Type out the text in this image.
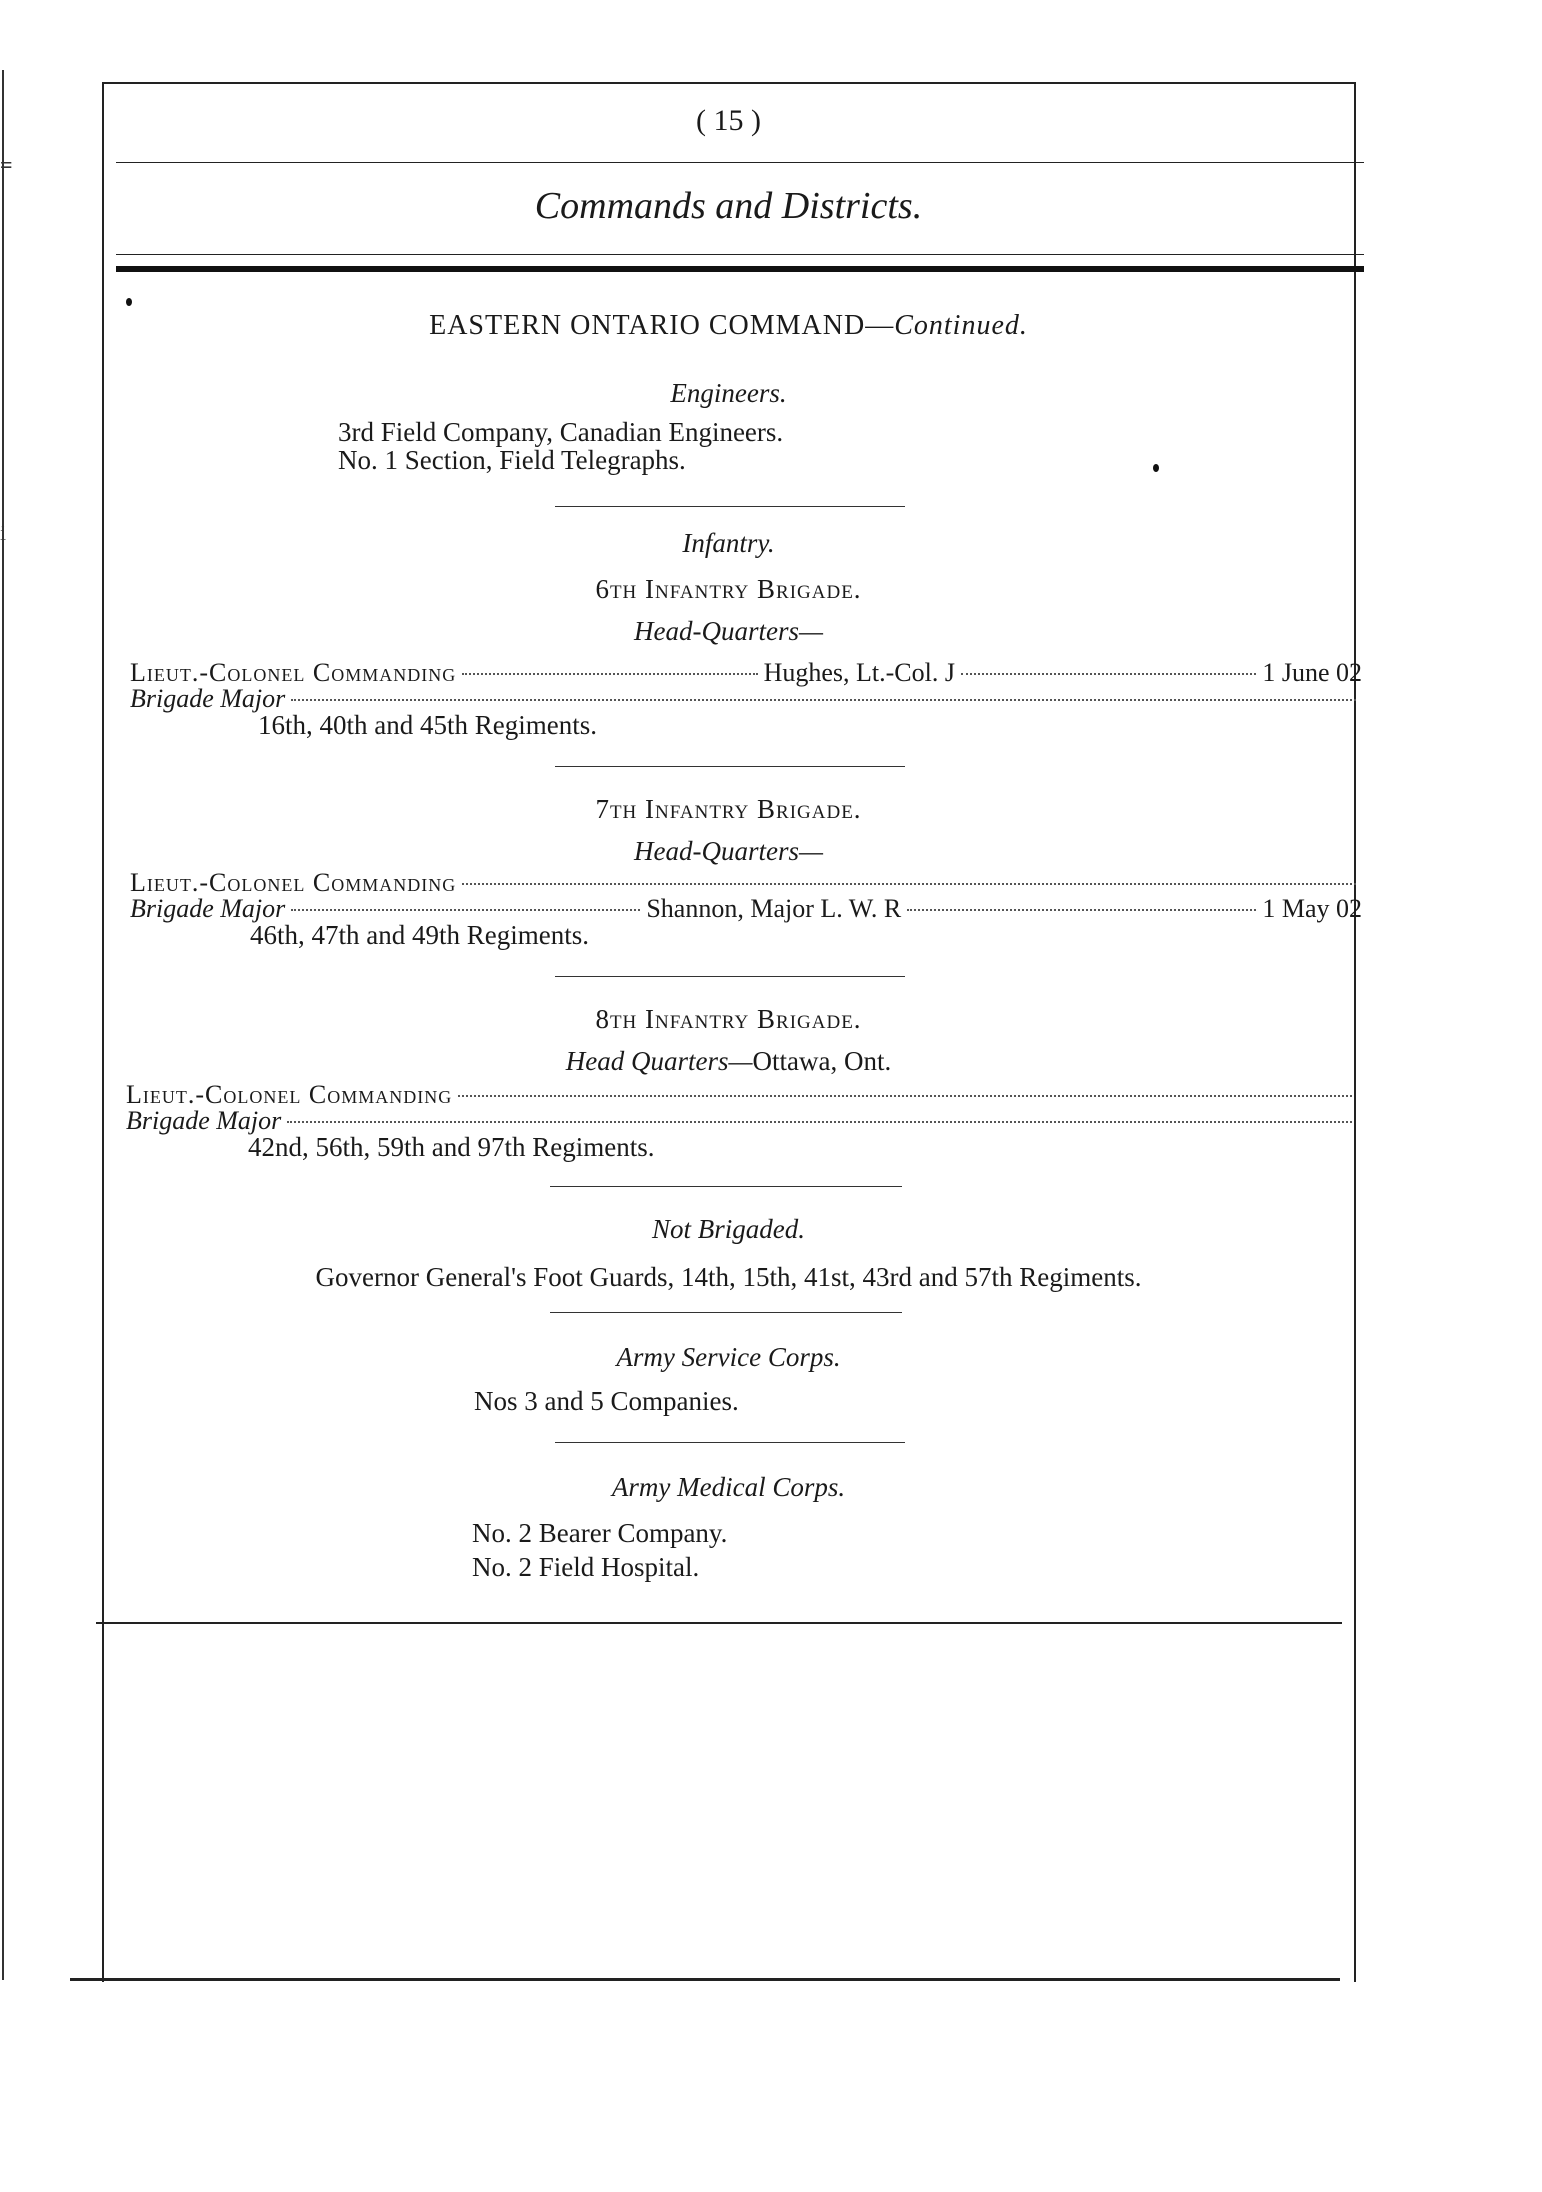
( 15 )
Commands and Districts.
EASTERN ONTARIO COMMAND—Continued.
Engineers.
3rd Field Company, Canadian Engineers.
No. 1 Section, Field Telegraphs.
Infantry.
6th Infantry Brigade.
Head-Quarters—
Lieut.-Colonel Commanding	Hughes, Lt.-Col. J	1 June 02
Brigade Major
16th, 40th and 45th Regiments.
7th Infantry Brigade.
Head-Quarters—
Lieut.-Colonel Commanding
Brigade Major	Shannon, Major L. W. R	1 May 02
46th, 47th and 49th Regiments.
8th Infantry Brigade.
Head Quarters—Ottawa, Ont.
Lieut.-Colonel Commanding
Brigade Major
42nd, 56th, 59th and 97th Regiments.
Not Brigaded.
Governor General's Foot Guards, 14th, 15th, 41st, 43rd and 57th Regiments.
Army Service Corps.
Nos 3 and 5 Companies.
Army Medical Corps.
No. 2 Bearer Company.
No. 2 Field Hospital.
=
i
